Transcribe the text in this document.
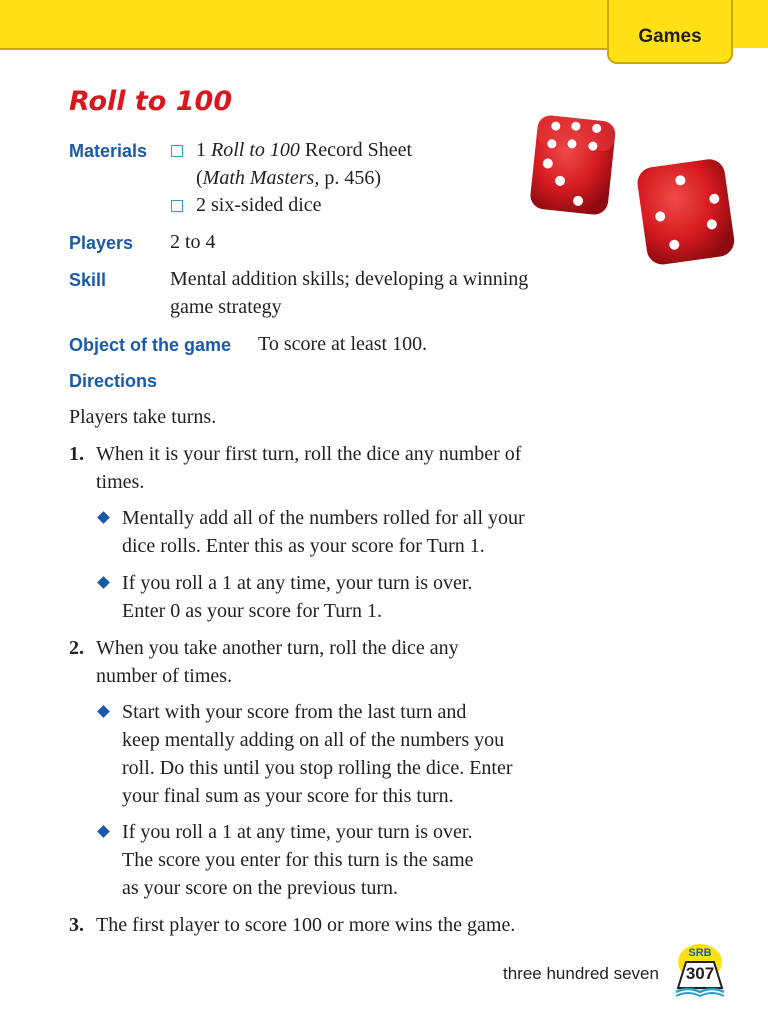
Games
Roll to 100
Materials 1 Roll to 100 Record Sheet
(Math Masters, p. 456)
2 six-sided dice
Players 2 to 4
Skill	Mental addition skills; developing a winning
game strategy
Object of the game To score at least 100.
Directions
Players take turns.
1. When it is your first turn, roll the dice any number of
times.
Mentally add all of the numbers rolled for all your
dice rolls. Enter this as your score for Turn 1.
If you roll a 1 at any time, your turn is over.
Enter 0 as your score for Turn 1.
2. When you take another turn, roll the dice any
number of times.
Start with your score from the last turn and
keep mentally adding on all of the numbers you
roll. Do this until you stop rolling the dice. Enter
your final sum as your score for this turn.
If you roll a 1 at any time, your turn is over.
The score you enter for this turn is the same
as your score on the previous turn.
3. The first player to score 100 or more wins the game.
three hundred seven
SRB
307
